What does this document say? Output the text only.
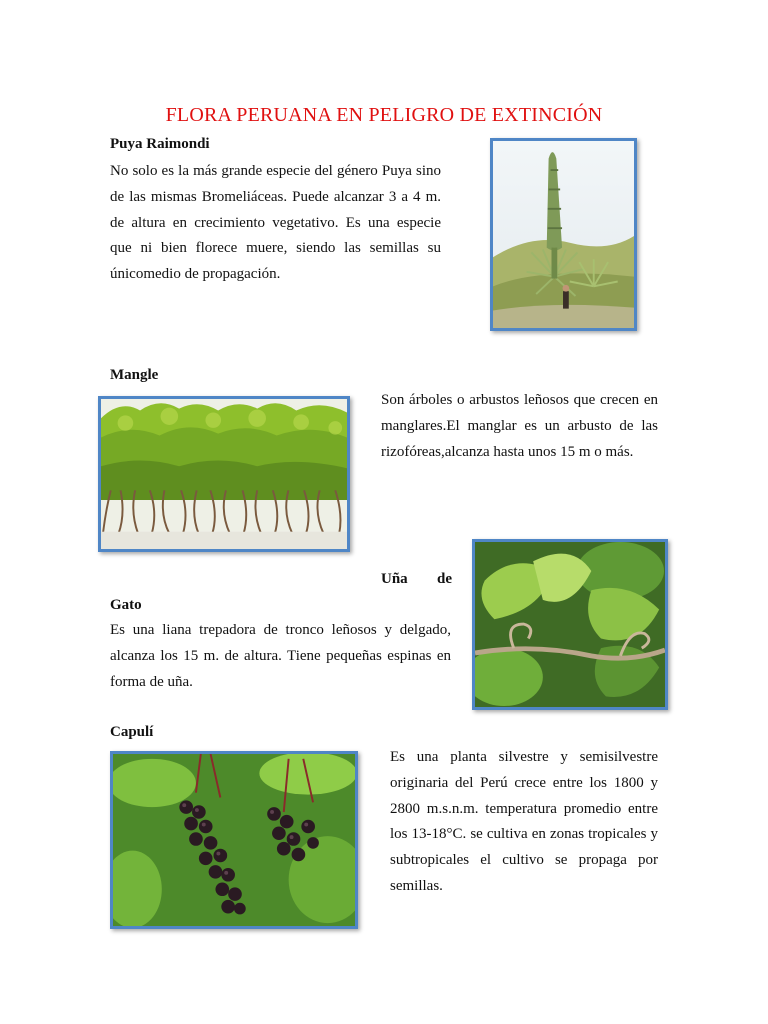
FLORA PERUANA EN PELIGRO DE EXTINCIÓN
Puya Raimondi

No solo es la más grande especie del género Puya sino de las mismas Bromeliáceas. Puede alcanzar 3 a 4 m. de altura en crecimiento vegetativo. Es una especie que ni bien florece muere, siendo las semillas su únicomedio de propagación.

Mangle

Son árboles o arbustos leñosos que crecen en manglares.El manglar es un arbusto de las rizofóreas,alcanza hasta unos 15 m o más.

Uña de
Gato

Es una liana trepadora de tronco leñosos y delgado, alcanza los 15 m. de altura. Tiene pequeñas espinas en forma de uña.

Capulí

Es una planta silvestre y semisilvestre originaria del Perú crece entre los 1800 y 2800 m.s.n.m. temperatura promedio entre los 13-18°C. se cultiva en zonas tropicales y subtropicales el cultivo se propaga por semillas.
